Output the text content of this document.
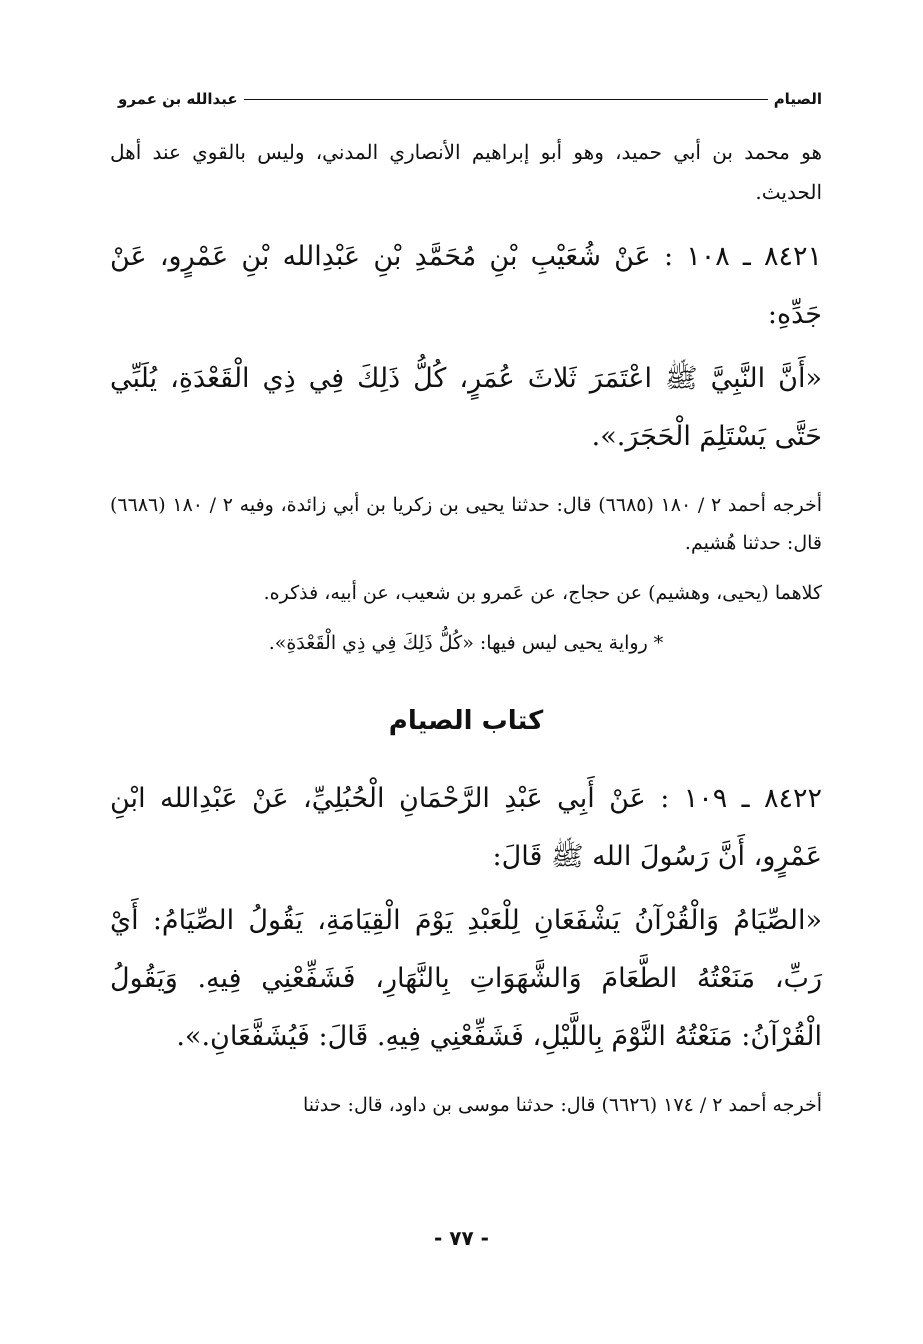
الصيام
عبدالله بن عمرو

هو محمد بن أبي حميد، وهو أبو إبراهيم الأنصاري المدني، وليس بالقوي عند أهل الحديث.

٨٤٢١ ـ ١٠٨ : عَنْ شُعَيْبِ بْنِ مُحَمَّدِ بْنِ عَبْدِالله بْنِ عَمْرٍو، عَنْ جَدِّهِ:

«أَنَّ النَّبِيَّ ﷺ اعْتَمَرَ ثَلاثَ عُمَرٍ، كُلُّ ذَلِكَ فِي ذِي الْقَعْدَةِ، يُلَبِّي حَتَّى يَسْتَلِمَ الْحَجَرَ.».

أخرجه أحمد ٢ / ١٨٠ (٦٦٨٥) قال: حدثنا يحيى بن زكريا بن أبي زائدة، وفيه ٢ / ١٨٠ (٦٦٨٦) قال: حدثنا هُشيم.

كلاهما (يحيى، وهشيم) عن حجاج، عن عَمرو بن شعيب، عن أبيه، فذكره.

* رواية يحيى ليس فيها: «كُلُّ ذَلِكَ فِي ذِي الْقَعْدَةِ».

كتاب الصيام

٨٤٢٢ ـ ١٠٩ : عَنْ أَبِي عَبْدِ الرَّحْمَانِ الْحُبُلِيِّ، عَنْ عَبْدِالله ابْنِ عَمْرٍو، أَنَّ رَسُولَ الله ﷺ قَالَ:

«الصِّيَامُ وَالْقُرْآنُ يَشْفَعَانِ لِلْعَبْدِ يَوْمَ الْقِيَامَةِ، يَقُولُ الصِّيَامُ: أَيْ رَبِّ، مَنَعْتُهُ الطَّعَامَ وَالشَّهَوَاتِ بِالنَّهَارِ، فَشَفِّعْنِي فِيهِ. وَيَقُولُ الْقُرْآنُ: مَنَعْتُهُ النَّوْمَ بِاللَّيْلِ، فَشَفِّعْنِي فِيهِ. قَالَ: فَيُشَفَّعَانِ.».

أخرجه أحمد ٢ / ١٧٤ (٦٦٢٦) قال: حدثنا موسى بن داود، قال: حدثنا

- ٧٧ -
